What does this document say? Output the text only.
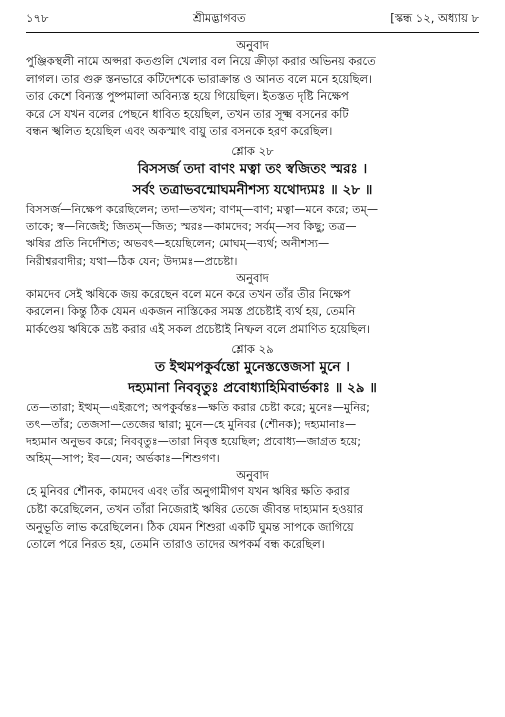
১৭৮	শ্রীমদ্ভাগবত	[স্কন্ধ ১২, অধ্যায় ৮
অনুবাদ

পুঞ্জিকস্থলী নামে অপ্সরা কতগুলি খেলার বল নিয়ে ক্রীড়া করার অভিনয় করতে

লাগল। তার গুরু স্তনভারে কটিদেশকে ভারাক্রান্ত ও আনত বলে মনে হয়েছিল।

তার কেশে বিন্যস্ত পুষ্পমালা অবিন্যস্ত হয়ে গিয়েছিল। ইতস্তত দৃষ্টি নিক্ষেপ

করে সে যখন বলের পেছনে ধাবিত হয়েছিল, তখন তার সূক্ষ্ম বসনের কটি

বন্ধন স্খলিত হয়েছিল এবং অকস্মাৎ বায়ু তার বসনকে হরণ করেছিল।

শ্লোক ২৮
বিসসর্জ তদা বাণং মত্বা তং স্বজিতং স্মরঃ ।
সর্বং তত্রাভবন্মোঘমনীশস্য যথোদ্যমঃ ॥ ২৮ ॥

বিসসর্জ—নিক্ষেপ করেছিলেন; তদা—তখন; বাণম্—বাণ; মত্বা—মনে করে; তম্—

তাকে; স্ব—নিজেই; জিতম্—জিত; স্মরঃ—কামদেব; সর্বম্—সব কিছু; তত্র—

ঋষির প্রতি নির্দেশিত; অভবৎ—হয়েছিলেন; মোঘম্—ব্যর্থ; অনীশস্য—

নিরীশ্বরবাদীর; যথা—ঠিক যেন; উদ্যমঃ—প্রচেষ্টা।

অনুবাদ

কামদেব সেই ঋষিকে জয় করেছেন বলে মনে করে তখন তাঁর তীর নিক্ষেপ

করলেন। কিন্তু ঠিক যেমন একজন নাস্তিকের সমস্ত প্রচেষ্টাই ব্যর্থ হয়, তেমনি

মার্কণ্ডেয় ঋষিকে ভ্রষ্ট করার এই সকল প্রচেষ্টাই নিষ্ফল বলে প্রমাণিত হয়েছিল।

শ্লোক ২৯
ত ইত্থমপকুর্বন্তো মুনেস্তত্তেজসা মুনে ।
দহ্যমানা নিববৃতুঃ প্রবোধ্যাহিমিবার্ভকাঃ ॥ ২৯ ॥

তে—তারা; ইত্থম্—এইরূপে; অপকুর্বন্তঃ—ক্ষতি করার চেষ্টা করে; মুনেঃ—মুনির;

তৎ—তাঁর; তেজসা—তেজের দ্বারা; মুনে—হে মুনিবর (শৌনক); দহ্যমানাঃ—

দহ্যমান অনুভব করে; নিববৃতুঃ—তারা নিবৃত্ত হয়েছিল; প্রবোধ্য—জাগ্রত হয়ে;

অহিম্—সাপ; ইব—যেন; অর্ভকাঃ—শিশুগণ।

অনুবাদ

হে মুনিবর শৌনক, কামদেব এবং তাঁর অনুগামীগণ যখন ঋষির ক্ষতি করার

চেষ্টা করেছিলেন, তখন তাঁরা নিজেরাই ঋষির তেজে জীবন্ত দাহ্যমান হওয়ার

অনুভূতি লাভ করেছিলেন। ঠিক যেমন শিশুরা একটি ঘুমন্ত সাপকে জাগিয়ে

তোলে পরে নিরত হয়, তেমনি তারাও তাদের অপকর্ম বন্ধ করেছিল।
